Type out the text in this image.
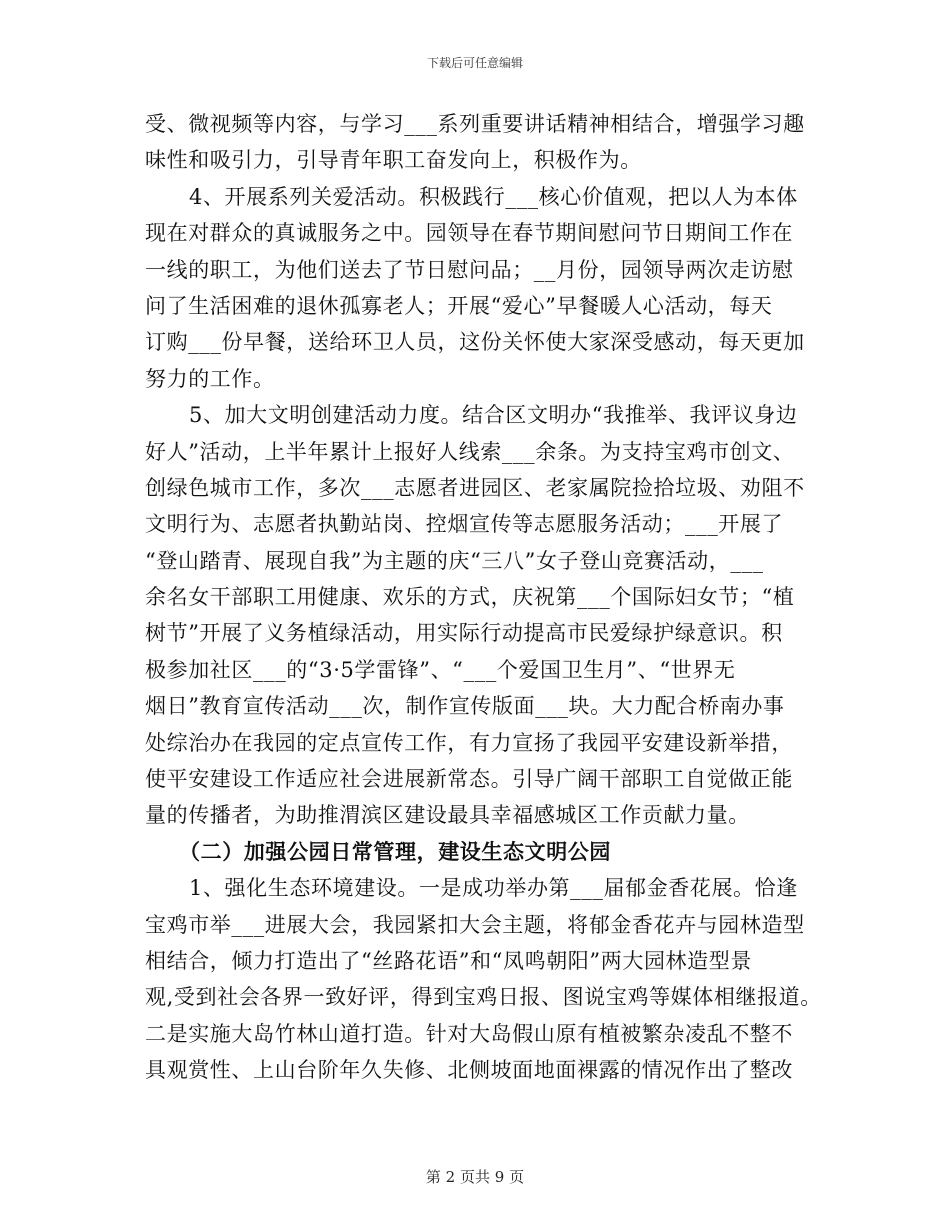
下载后可任意编辑
受、微视频等内容，与学习___系列重要讲话精神相结合，增强学习趣
味性和吸引力，引导青年职工奋发向上，积极作为。
4、开展系列关爱活动。积极践行___核心价值观，把以人为本体
现在对群众的真诚服务之中。园领导在春节期间慰问节日期间工作在
一线的职工，为他们送去了节日慰问品；__月份，园领导两次走访慰
问了生活困难的退休孤寡老人；开展“爱心”早餐暖人心活动，每天
订购___份早餐，送给环卫人员，这份关怀使大家深受感动，每天更加
努力的工作。
5、加大文明创建活动力度。结合区文明办“我推举、我评议身边
好人”活动，上半年累计上报好人线索___余条。为支持宝鸡市创文、
创绿色城市工作，多次___志愿者进园区、老家属院捡拾垃圾、劝阻不
文明行为、志愿者执勤站岗、控烟宣传等志愿服务活动；___开展了
“登山踏青、展现自我”为主题的庆“三八”女子登山竞赛活动，___
余名女干部职工用健康、欢乐的方式，庆祝第___个国际妇女节；“植
树节”开展了义务植绿活动，用实际行动提高市民爱绿护绿意识。积
极参加社区___的“3·5学雷锋”、“___个爱国卫生月”、“世界无
烟日”教育宣传活动___次，制作宣传版面___块。大力配合桥南办事
处综治办在我园的定点宣传工作，有力宣扬了我园平安建设新举措，
使平安建设工作适应社会进展新常态。引导广阔干部职工自觉做正能
量的传播者，为助推渭滨区建设最具幸福感城区工作贡献力量。
（二）加强公园日常管理，建设生态文明公园
1、强化生态环境建设。一是成功举办第___届郁金香花展。恰逢
宝鸡市举___进展大会，我园紧扣大会主题，将郁金香花卉与园林造型
相结合，倾力打造出了“丝路花语”和“凤鸣朝阳”两大园林造型景
观,受到社会各界一致好评，得到宝鸡日报、图说宝鸡等媒体相继报道。
二是实施大岛竹林山道打造。针对大岛假山原有植被繁杂凌乱不整不
具观赏性、上山台阶年久失修、北侧坡面地面裸露的情况作出了整改
第 2 页共 9 页
